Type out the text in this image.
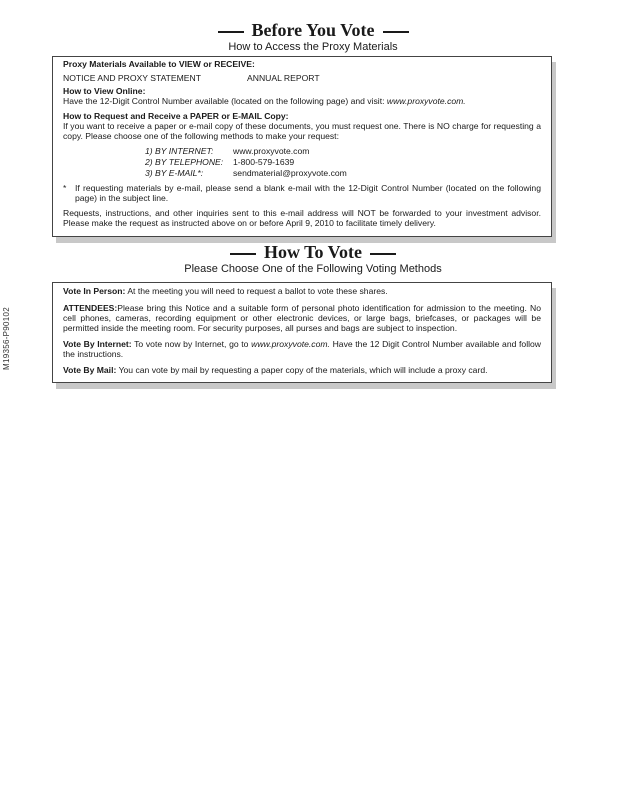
M19356-P90102
Before You Vote
How to Access the Proxy Materials
Proxy Materials Available to VIEW or RECEIVE:
NOTICE AND PROXY STATEMENT	ANNUAL REPORT
How to View Online:
Have the 12-Digit Control Number available (located on the following page) and visit: www.proxyvote.com.
How to Request and Receive a PAPER or E-MAIL Copy:
If you want to receive a paper or e-mail copy of these documents, you must request one. There is NO charge for requesting a copy. Please choose one of the following methods to make your request:
1) BY INTERNET: www.proxyvote.com
2) BY TELEPHONE: 1-800-579-1639
3) BY E-MAIL*:	sendmaterial@proxyvote.com
* If requesting materials by e-mail, please send a blank e-mail with the 12-Digit Control Number (located on the following page) in the subject line.
Requests, instructions, and other inquiries sent to this e-mail address will NOT be forwarded to your investment advisor. Please make the request as instructed above on or before April 9, 2010 to facilitate timely delivery.
How To Vote
Please Choose One of the Following Voting Methods
Vote In Person: At the meeting you will need to request a ballot to vote these shares.
ATTENDEES:Please bring this Notice and a suitable form of personal photo identification for admission to the meeting. No cell phones, cameras, recording equipment or other electronic devices, or large bags, briefcases, or packages will be permitted inside the meeting room. For security purposes, all purses and bags are subject to inspection.
Vote By Internet: To vote now by Internet, go to www.proxyvote.com. Have the 12 Digit Control Number available and follow the instructions.
Vote By Mail: You can vote by mail by requesting a paper copy of the materials, which will include a proxy card.
